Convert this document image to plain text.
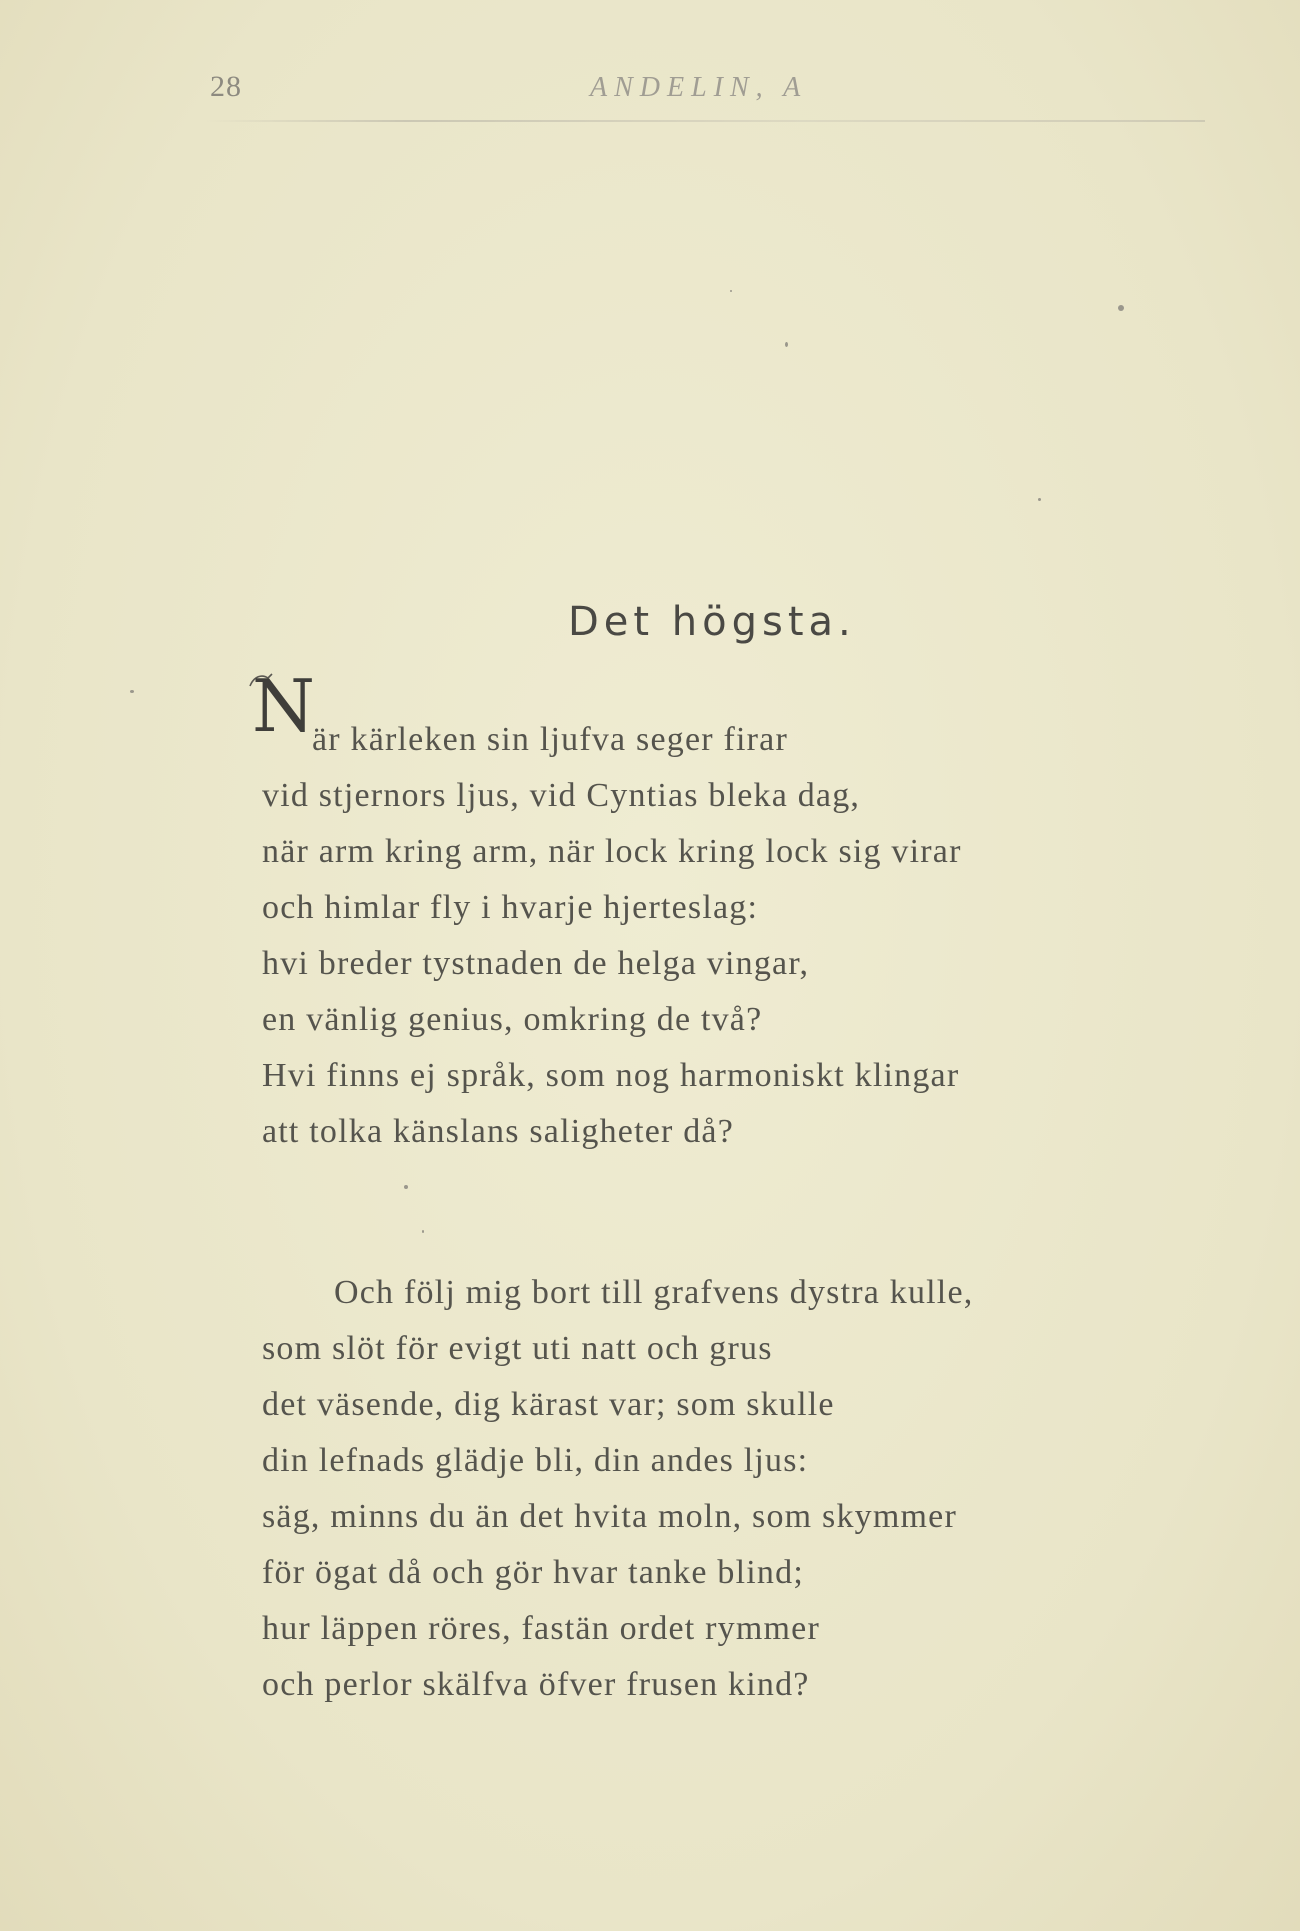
28	ANDELIN, A
Det högsta.
N
är kärleken sin ljufva seger firar
vid stjernors ljus, vid Cyntias bleka dag,
när arm kring arm, när lock kring lock sig virar
och himlar fly i hvarje hjerteslag:
hvi breder tystnaden de helga vingar,
en vänlig genius, omkring de två?
Hvi finns ej språk, som nog harmoniskt klingar
att tolka känslans saligheter då?
Och följ mig bort till grafvens dystra kulle,
som slöt för evigt uti natt och grus
det väsende, dig kärast var; som skulle
din lefnads glädje bli, din andes ljus:
säg, minns du än det hvita moln, som skymmer
för ögat då och gör hvar tanke blind;
hur läppen röres, fastän ordet rymmer
och perlor skälfva öfver frusen kind?
